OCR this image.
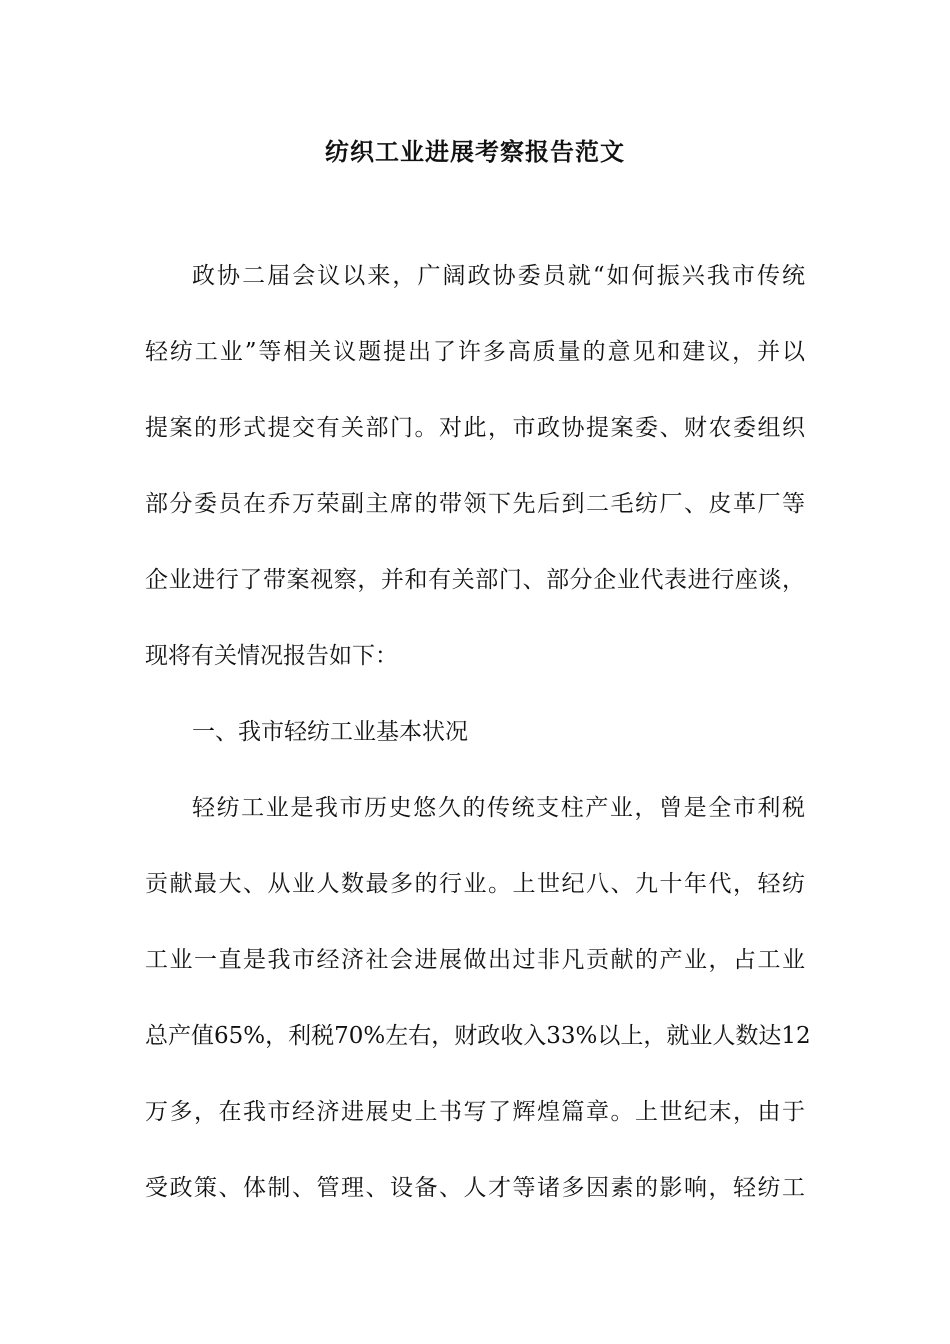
纺织工业进展考察报告范文

政协二届会议以来，广阔政协委员就“如何振兴我市传统

轻纺工业”等相关议题提出了许多高质量的意见和建议，并以

提案的形式提交有关部门。对此，市政协提案委、财农委组织

部分委员在乔万荣副主席的带领下先后到二毛纺厂、皮革厂等

企业进行了带案视察，并和有关部门、部分企业代表进行座谈，

现将有关情况报告如下：

一、我市轻纺工业基本状况

轻纺工业是我市历史悠久的传统支柱产业，曾是全市利税

贡献最大、从业人数最多的行业。上世纪八、九十年代，轻纺

工业一直是我市经济社会进展做出过非凡贡献的产业，占工业

总产值65%，利税70%左右，财政收入33%以上，就业人数达12

万多，在我市经济进展史上书写了辉煌篇章。上世纪末，由于

受政策、体制、管理、设备、人才等诸多因素的影响，轻纺工
